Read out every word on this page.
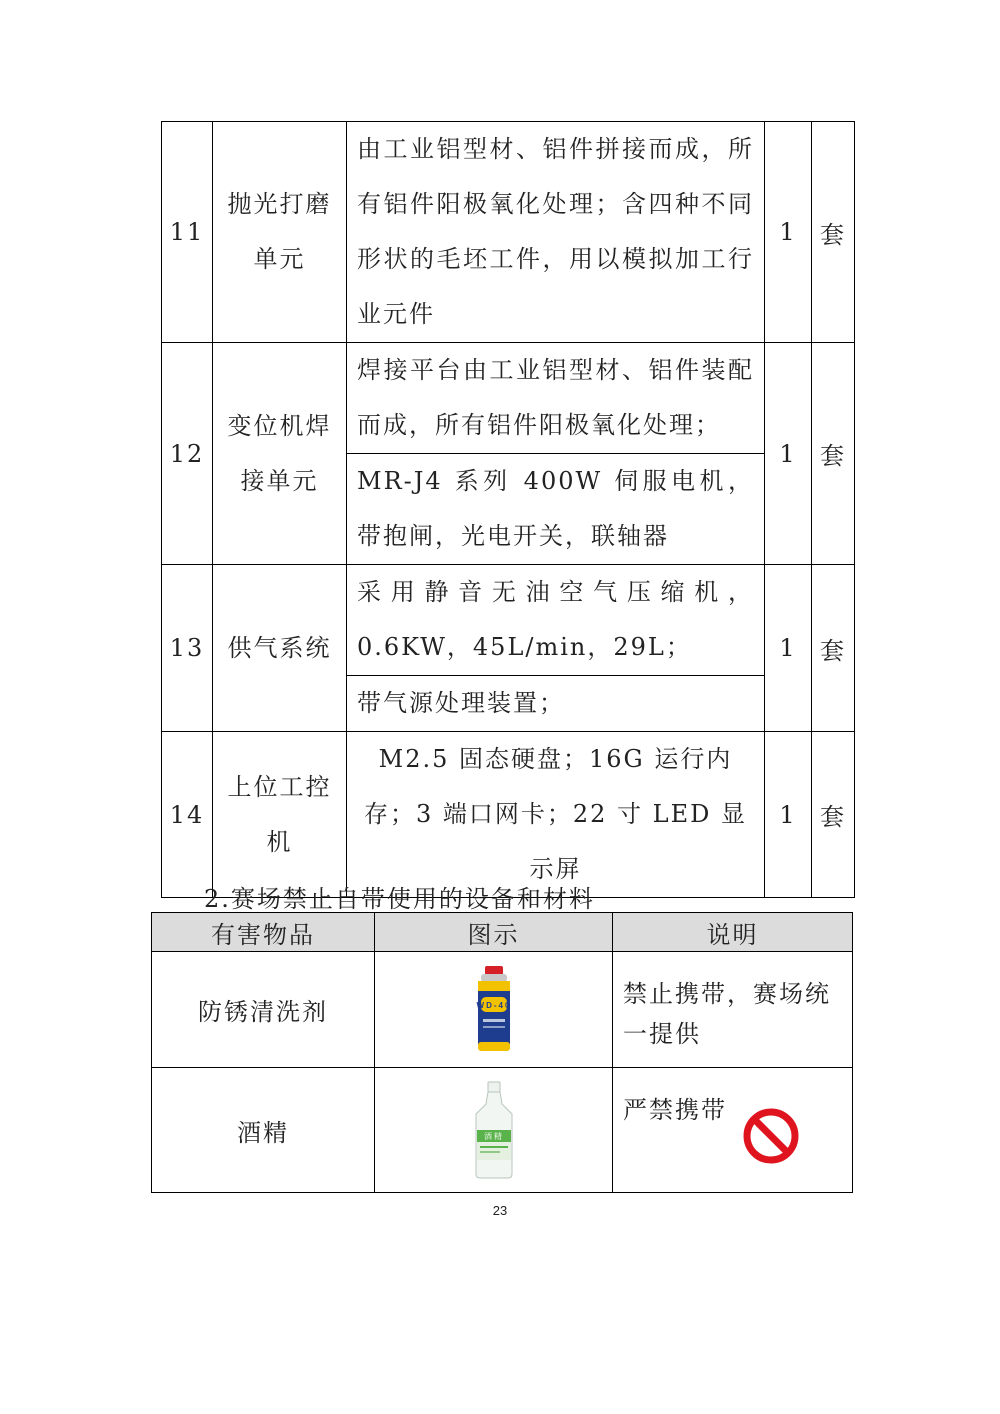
11	抛光打磨单元	由工业铝型材、铝件拼接而成，所有铝件阳极氧化处理；含四种不同形状的毛坯工件，用以模拟加工行业元件	1	套
12	变位机焊接单元	焊接平台由工业铝型材、铝件装配而成，所有铝件阳极氧化处理；	1	套
		MR-J4 系列 400W 伺服电机，带抱闸，光电开关，联轴器		
13	供气系统	采用静音无油空气压缩机，0.6KW，45L/min，29L；	1	套
		带气源处理装置；		
14	上位工控机	M2.5 固态硬盘；16G 运行内存；3 端口网卡；22 寸 LED 显示屏	1	套
2.赛场禁止自带使用的设备和材料
有害物品	图示	说明
防锈清洗剂	WD-40	禁止携带，赛场统一提供
酒精	酒精	严禁携带
23
